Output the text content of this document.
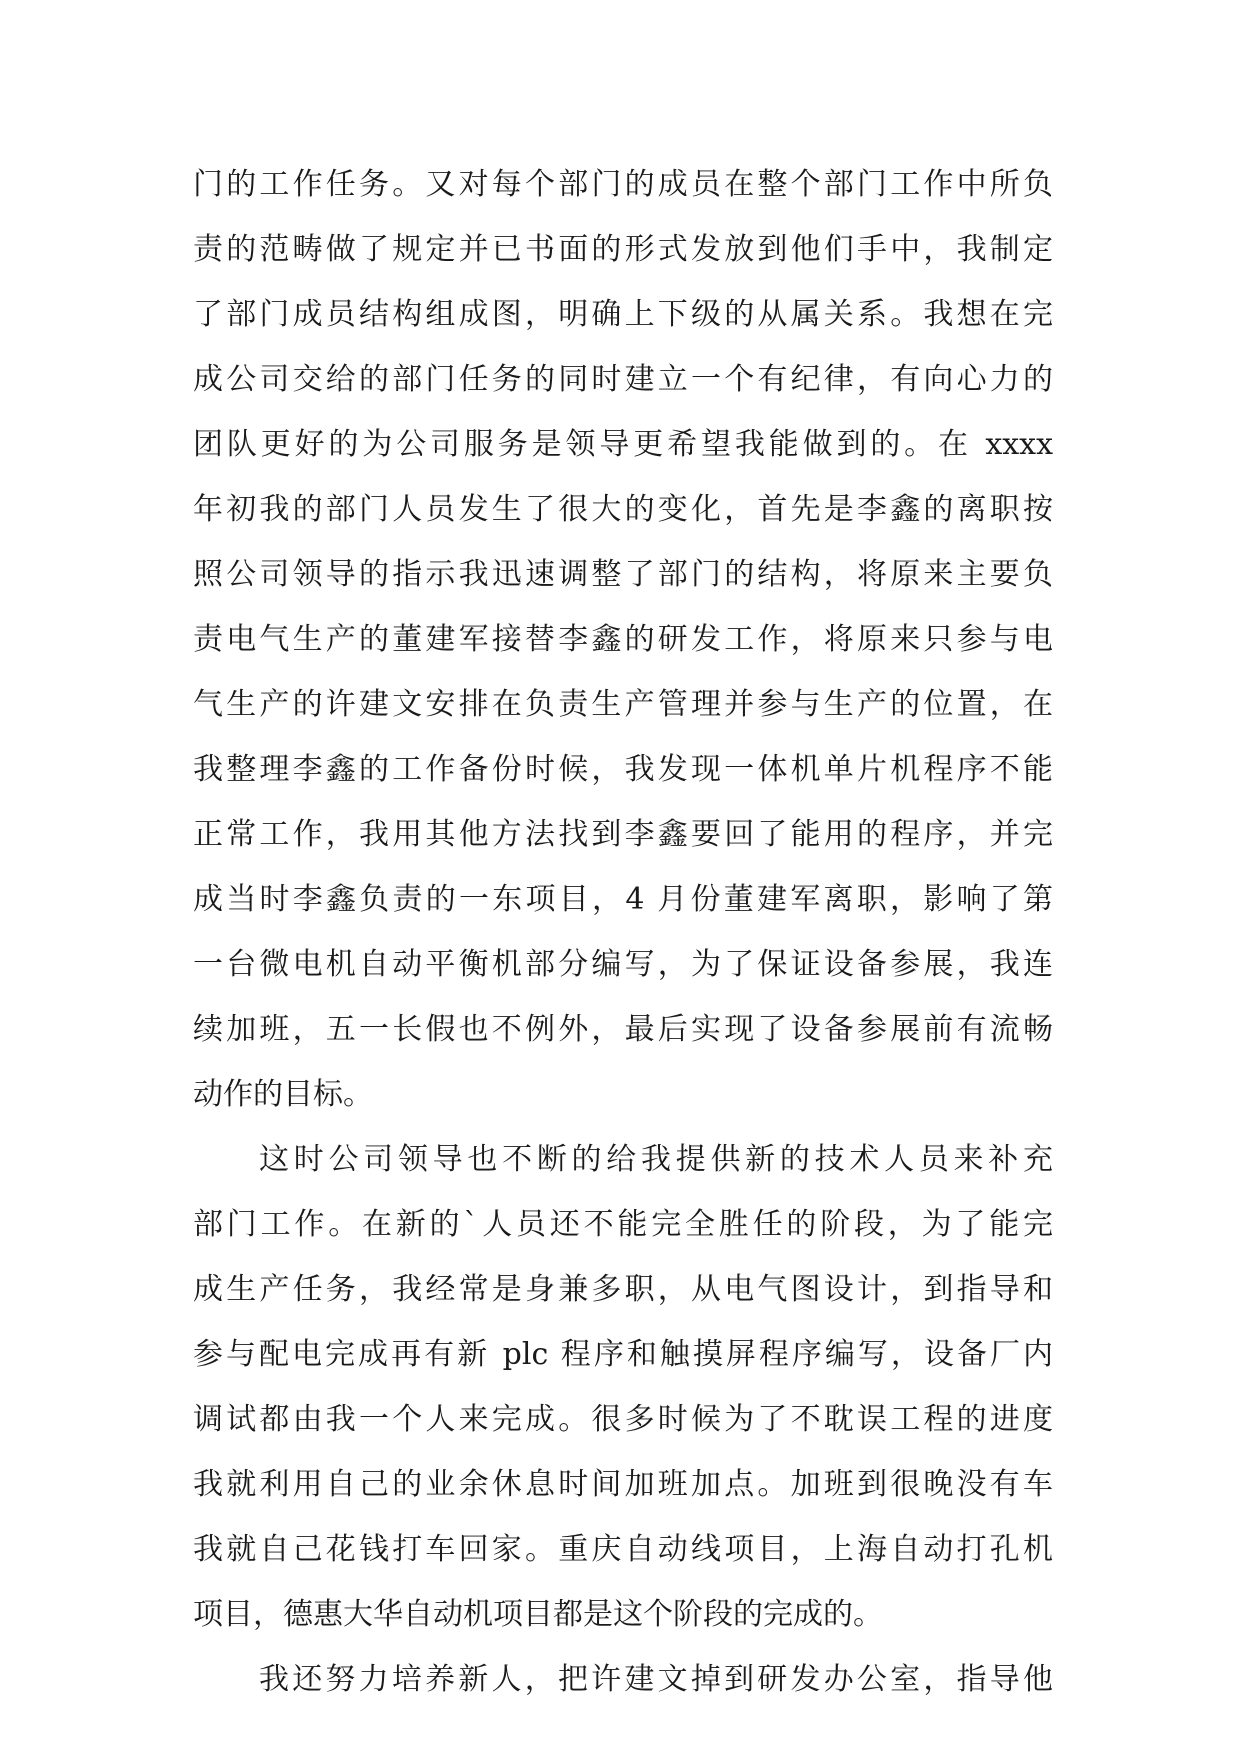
门的工作任务。又对每个部门的成员在整个部门工作中所负
责的范畴做了规定并已书面的形式发放到他们手中，我制定
了部门成员结构组成图，明确上下级的从属关系。我想在完
成公司交给的部门任务的同时建立一个有纪律，有向心力的
团队更好的为公司服务是领导更希望我能做到的。在 xxxx
年初我的部门人员发生了很大的变化，首先是李鑫的离职按
照公司领导的指示我迅速调整了部门的结构，将原来主要负
责电气生产的董建军接替李鑫的研发工作，将原来只参与电
气生产的许建文安排在负责生产管理并参与生产的位置，在
我整理李鑫的工作备份时候，我发现一体机单片机程序不能
正常工作，我用其他方法找到李鑫要回了能用的程序，并完
成当时李鑫负责的一东项目，4 月份董建军离职，影响了第
一台微电机自动平衡机部分编写，为了保证设备参展，我连
续加班，五一长假也不例外，最后实现了设备参展前有流畅
动作的目标。
这时公司领导也不断的给我提供新的技术人员来补充
部门工作。在新的`人员还不能完全胜任的阶段，为了能完
成生产任务，我经常是身兼多职，从电气图设计，到指导和
参与配电完成再有新 plc 程序和触摸屏程序编写，设备厂内
调试都由我一个人来完成。很多时候为了不耽误工程的进度
我就利用自己的业余休息时间加班加点。加班到很晚没有车
我就自己花钱打车回家。重庆自动线项目，上海自动打孔机
项目，德惠大华自动机项目都是这个阶段的完成的。
我还努力培养新人，把许建文掉到研发办公室，指导他
